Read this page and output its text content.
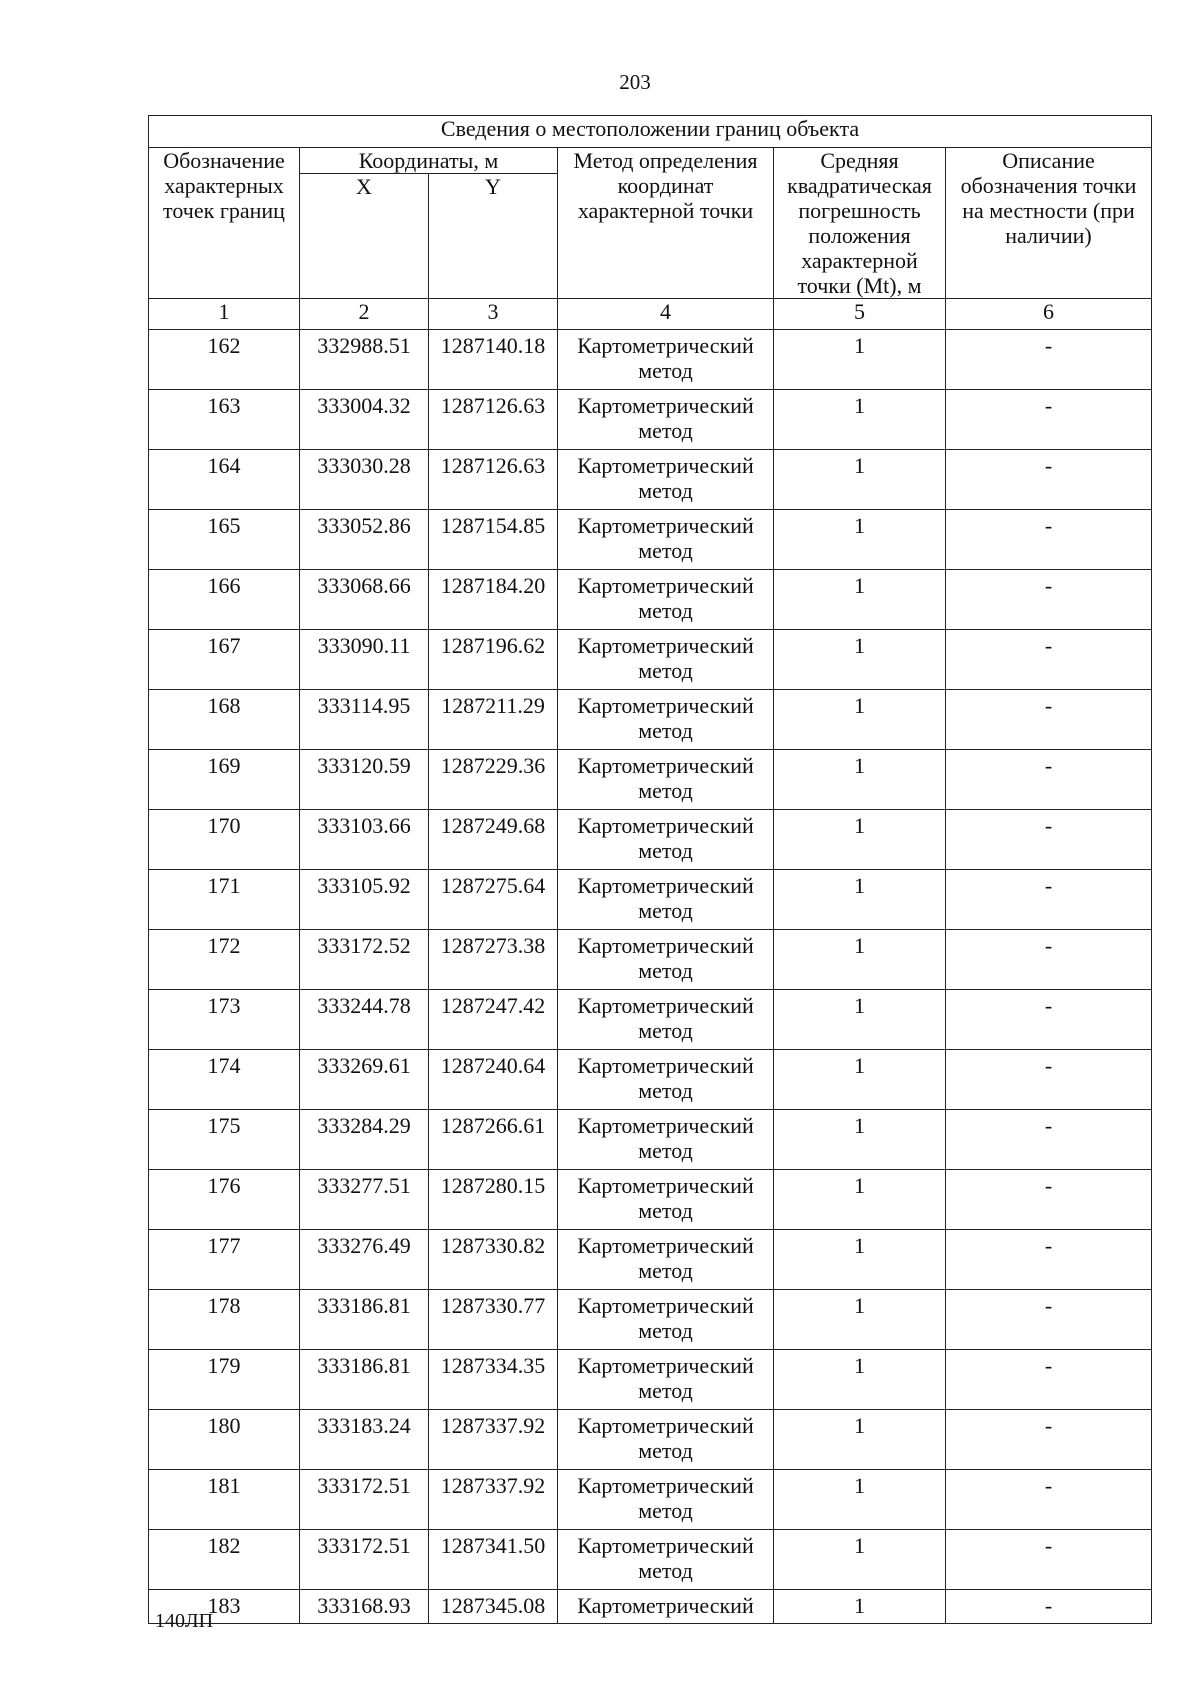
203
Сведения о местоположении границ объекта					
Обозначение характерных точек границ	Координаты, м		Метод определения координат характерной точки	Средняя квадратическая погрешность положения характерной точки (Mt), м	Описание обозначения точки на местности (при наличии)
	X	Y			
1	2	3	4	5	6
162	332988.51	1287140.18	Картометрический метод	1	-
163	333004.32	1287126.63	Картометрический метод	1	-
164	333030.28	1287126.63	Картометрический метод	1	-
165	333052.86	1287154.85	Картометрический метод	1	-
166	333068.66	1287184.20	Картометрический метод	1	-
167	333090.11	1287196.62	Картометрический метод	1	-
168	333114.95	1287211.29	Картометрический метод	1	-
169	333120.59	1287229.36	Картометрический метод	1	-
170	333103.66	1287249.68	Картометрический метод	1	-
171	333105.92	1287275.64	Картометрический метод	1	-
172	333172.52	1287273.38	Картометрический метод	1	-
173	333244.78	1287247.42	Картометрический метод	1	-
174	333269.61	1287240.64	Картометрический метод	1	-
175	333284.29	1287266.61	Картометрический метод	1	-
176	333277.51	1287280.15	Картометрический метод	1	-
177	333276.49	1287330.82	Картометрический метод	1	-
178	333186.81	1287330.77	Картометрический метод	1	-
179	333186.81	1287334.35	Картометрический метод	1	-
180	333183.24	1287337.92	Картометрический метод	1	-
181	333172.51	1287337.92	Картометрический метод	1	-
182	333172.51	1287341.50	Картометрический метод	1	-
183	333168.93	1287345.08	Картометрический	1	-
140ЛП
